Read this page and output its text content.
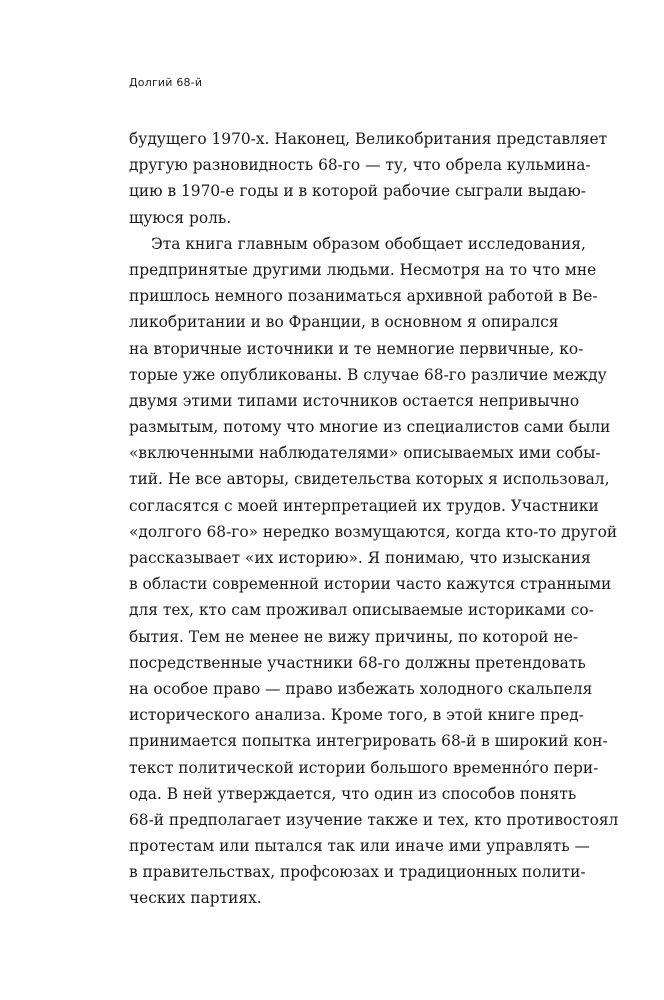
Долгий 68-й
будущего 1970-х. Наконец, Великобритания представляет
другую разновидность 68-го — ту, что обрела кульмина-
цию в 1970-е годы и в которой рабочие сыграли выдаю-
щуюся роль.
Эта книга главным образом обобщает исследования,
предпринятые другими людьми. Несмотря на то что мне
пришлось немного позаниматься архивной работой в Ве-
ликобритании и во Франции, в основном я опирался
на вторичные источники и те немногие первичные, ко-
торые уже опубликованы. В случае 68-го различие между
двумя этими типами источников остается непривычно
размытым, потому что многие из специалистов сами были
«включенными наблюдателями» описываемых ими собы-
тий. Не все авторы, свидетельства которых я использовал,
согласятся с моей интерпретацией их трудов. Участники
«долгого 68-го» нередко возмущаются, когда кто-то другой
рассказывает «их историю». Я понимаю, что изыскания
в области современной истории часто кажутся странными
для тех, кто сам проживал описываемые историками со-
бытия. Тем не менее не вижу причины, по которой не-
посредственные участники 68-го должны претендовать
на особое право — право избежать холодного скальпеля
исторического анализа. Кроме того, в этой книге пред-
принимается попытка интегрировать 68-й в широкий кон-
текст политической истории большого временно́го пери-
ода. В ней утверждается, что один из способов понять
68-й предполагает изучение также и тех, кто противостоял
протестам или пытался так или иначе ими управлять —
в правительствах, профсоюзах и традиционных полити-
ческих партиях.
